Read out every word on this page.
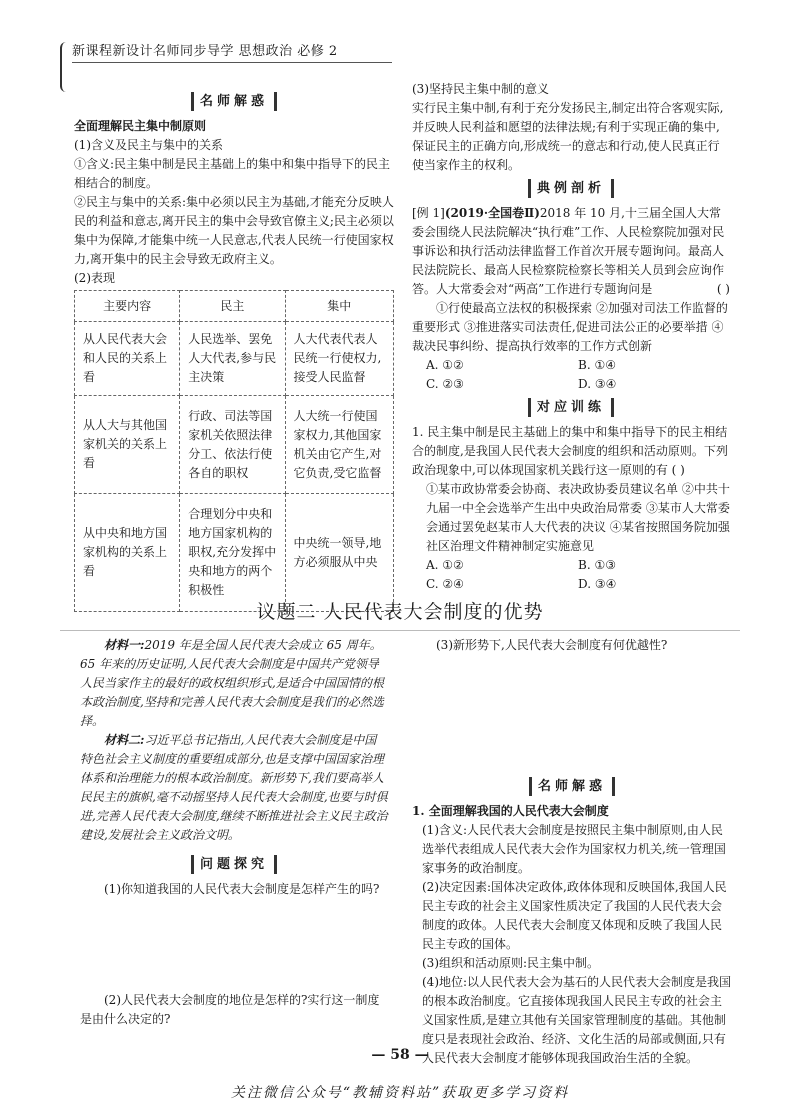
新课程新设计名师同步导学 思想政治 必修 2
名师解惑

全面理解民主集中制原则

(1)含义及民主与集中的关系

①含义:民主集中制是民主基础上的集中和集中指导下的民主相结合的制度。

②民主与集中的关系:集中必须以民主为基础,才能充分反映人民的利益和意志,离开民主的集中会导致官僚主义;民主必须以集中为保障,才能集中统一人民意志,代表人民统一行使国家权力,离开集中的民主会导致无政府主义。

(2)表现

主要内容	民主	集中
从人民代表大会和人民的关系上看	人民选举、罢免人大代表,参与民主决策	人大代表代表人民统一行使权力,接受人民监督
从人大与其他国家机关的关系上看	行政、司法等国家机关依照法律分工、依法行使各自的职权	人大统一行使国家权力,其他国家机关由它产生,对它负责,受它监督
从中央和地方国家机构的关系上看	合理划分中央和地方国家机构的职权,充分发挥中央和地方的两个积极性	中央统一领导,地方必须服从中央

(3)坚持民主集中制的意义

实行民主集中制,有利于充分发扬民主,制定出符合客观实际,并反映人民利益和愿望的法律法规;有利于实现正确的集中,保证民主的正确方向,形成统一的意志和行动,使人民真正行使当家作主的权利。

典例剖析

[例 1](2019·全国卷Ⅱ)2018 年 10 月,十三届全国人大常委会围绕人民法院解决“执行难”工作、人民检察院加强对民事诉讼和执行活动法律监督工作首次开展专题询问。最高人民法院院长、最高人民检察院检察长等相关人员到会应询作答。人大常委会对“两高”工作进行专题询问是	( )

①行使最高立法权的积极探索 ②加强对司法工作监督的重要形式 ③推进落实司法责任,促进司法公正的必要举措 ④裁决民事纠纷、提高执行效率的工作方式创新

A. ①②	B. ①④
C. ②③	D. ③④
对应训练

1. 民主集中制是民主基础上的集中和集中指导下的民主相结合的制度,是我国人民代表大会制度的组织和活动原则。下列政治现象中,可以体现国家机关践行这一原则的有 ( )

①某市政协常委会协商、表决政协委员建议名单 ②中共十九届一中全会选举产生出中央政治局常委 ③某市人大常委会通过罢免赵某市人大代表的决议 ④某省按照国务院加强社区治理文件精神制定实施意见

A. ①②	B. ①③
C. ②④	D. ③④
议题二 人民代表大会制度的优势

材料一:2019 年是全国人民代表大会成立 65 周年。65 年来的历史证明,人民代表大会制度是中国共产党领导人民当家作主的最好的政权组织形式,是适合中国国情的根本政治制度,坚持和完善人民代表大会制度是我们的必然选择。

材料二:习近平总书记指出,人民代表大会制度是中国特色社会主义制度的重要组成部分,也是支撑中国国家治理体系和治理能力的根本政治制度。新形势下,我们要高举人民民主的旗帜,毫不动摇坚持人民代表大会制度,也要与时俱进,完善人民代表大会制度,继续不断推进社会主义民主政治建设,发展社会主义政治文明。

问题探究

(1)你知道我国的人民代表大会制度是怎样产生的吗?

(2)人民代表大会制度的地位是怎样的?实行这一制度是由什么决定的?

(3)新形势下,人民代表大会制度有何优越性?

名师解惑

1. 全面理解我国的人民代表大会制度

(1)含义:人民代表大会制度是按照民主集中制原则,由人民选举代表组成人民代表大会作为国家权力机关,统一管理国家事务的政治制度。

(2)决定因素:国体决定政体,政体体现和反映国体,我国人民民主专政的社会主义国家性质决定了我国的人民代表大会制度的政体。人民代表大会制度又体现和反映了我国人民民主专政的国体。

(3)组织和活动原则:民主集中制。

(4)地位:以人民代表大会为基石的人民代表大会制度是我国的根本政治制度。它直接体现我国人民民主专政的社会主义国家性质,是建立其他有关国家管理制度的基础。其他制度只是表现社会政治、经济、文化生活的局部或侧面,只有人民代表大会制度才能够体现我国政治生活的全貌。

— 58 —
关注微信公众号“教辅资料站”获取更多学习资料
